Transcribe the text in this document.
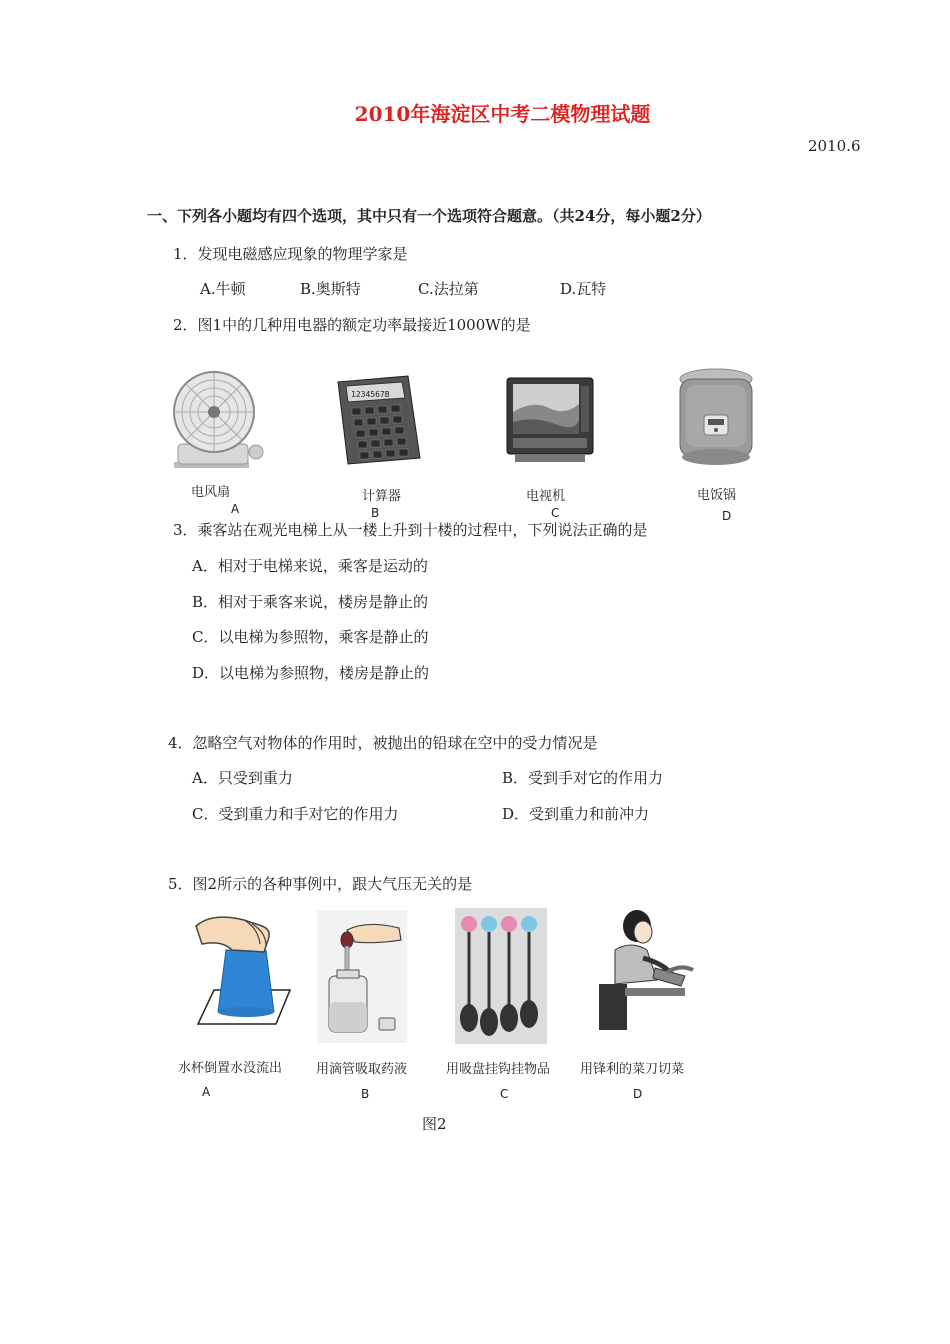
2010年海淀区中考二模物理试题
2010.6
一、下列各小题均有四个选项，其中只有一个选项符合题意。（共24分，每小题2分）
1．发现电磁感应现象的物理学家是
A.牛顿	B.奥斯特	C.法拉第	D.瓦特
2．图1中的几种用电器的额定功率最接近1000W的是
电风扇
A
1234567B
计算器
B
电视机
C
电饭锅
D
3．乘客站在观光电梯上从一楼上升到十楼的过程中，下列说法正确的是
A．相对于电梯来说，乘客是运动的
B．相对于乘客来说，楼房是静止的
C．以电梯为参照物，乘客是静止的
D．以电梯为参照物，楼房是静止的
4．忽略空气对物体的作用时，被抛出的铅球在空中的受力情况是
A．只受到重力	B．受到手对它的作用力
C．受到重力和手对它的作用力	D．受到重力和前冲力
5．图2所示的各种事例中，跟大气压无关的是
水杯倒置水没流出
A
用滴管吸取药液
B
用吸盘挂钩挂物品
C
用锋利的菜刀切菜
D
图2
